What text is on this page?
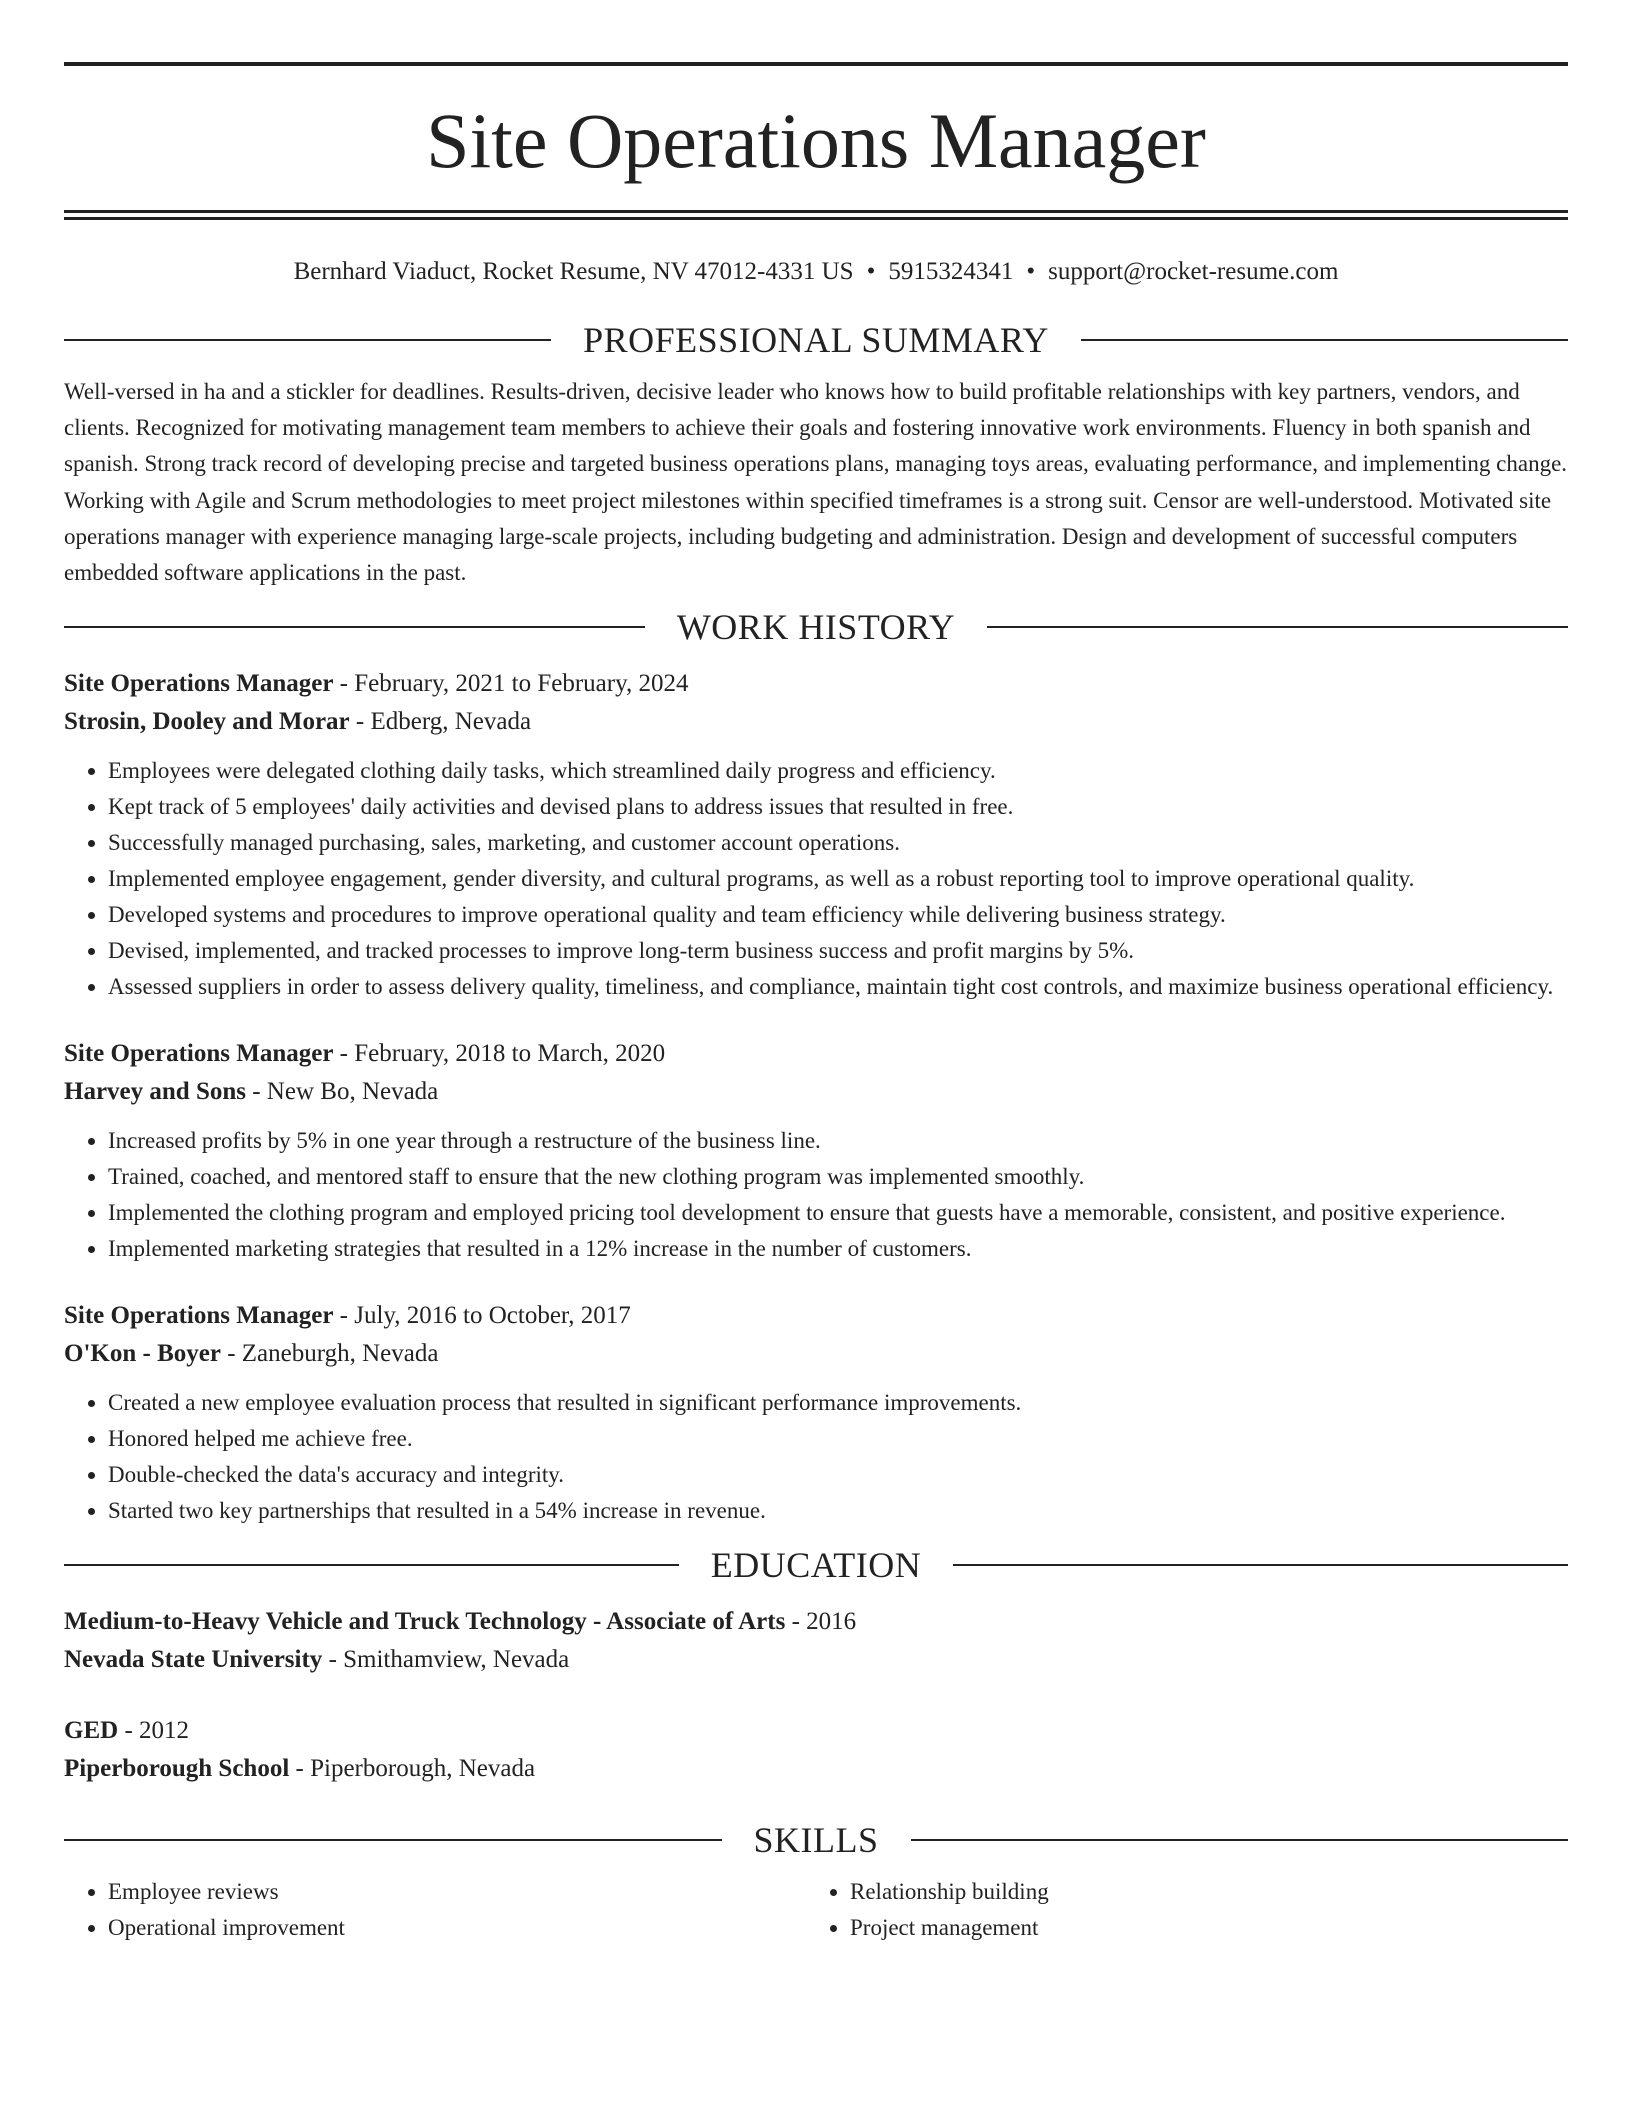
Site Operations Manager
Bernhard Viaduct, Rocket Resume, NV 47012-4331 US • 5915324341 • support@rocket-resume.com
PROFESSIONAL SUMMARY

Well-versed in ha and a stickler for deadlines. Results-driven, decisive leader who knows how to build profitable relationships with key partners, vendors, and clients. Recognized for motivating management team members to achieve their goals and fostering innovative work environments. Fluency in both spanish and spanish. Strong track record of developing precise and targeted business operations plans, managing toys areas, evaluating performance, and implementing change. Working with Agile and Scrum methodologies to meet project milestones within specified timeframes is a strong suit. Censor are well-understood. Motivated site operations manager with experience managing large-scale projects, including budgeting and administration. Design and development of successful computers embedded software applications in the past.

WORK HISTORY
Site Operations Manager - February, 2021 to February, 2024
Strosin, Dooley and Morar - Edberg, Nevada
• Employees were delegated clothing daily tasks, which streamlined daily progress and efficiency.
• Kept track of 5 employees' daily activities and devised plans to address issues that resulted in free.
• Successfully managed purchasing, sales, marketing, and customer account operations.
• Implemented employee engagement, gender diversity, and cultural programs, as well as a robust reporting tool to improve operational quality.
• Developed systems and procedures to improve operational quality and team efficiency while delivering business strategy.
• Devised, implemented, and tracked processes to improve long-term business success and profit margins by 5%.
• Assessed suppliers in order to assess delivery quality, timeliness, and compliance, maintain tight cost controls, and maximize business operational efficiency.
Site Operations Manager - February, 2018 to March, 2020
Harvey and Sons - New Bo, Nevada
• Increased profits by 5% in one year through a restructure of the business line.
• Trained, coached, and mentored staff to ensure that the new clothing program was implemented smoothly.
• Implemented the clothing program and employed pricing tool development to ensure that guests have a memorable, consistent, and positive experience.
• Implemented marketing strategies that resulted in a 12% increase in the number of customers.
Site Operations Manager - July, 2016 to October, 2017
O'Kon - Boyer - Zaneburgh, Nevada
• Created a new employee evaluation process that resulted in significant performance improvements.
• Honored helped me achieve free.
• Double-checked the data's accuracy and integrity.
• Started two key partnerships that resulted in a 54% increase in revenue.
EDUCATION
Medium-to-Heavy Vehicle and Truck Technology - Associate of Arts - 2016
Nevada State University - Smithamview, Nevada
GED - 2012
Piperborough School - Piperborough, Nevada
SKILLS
• Employee reviews
• Operational improvement
• Relationship building
• Project management
